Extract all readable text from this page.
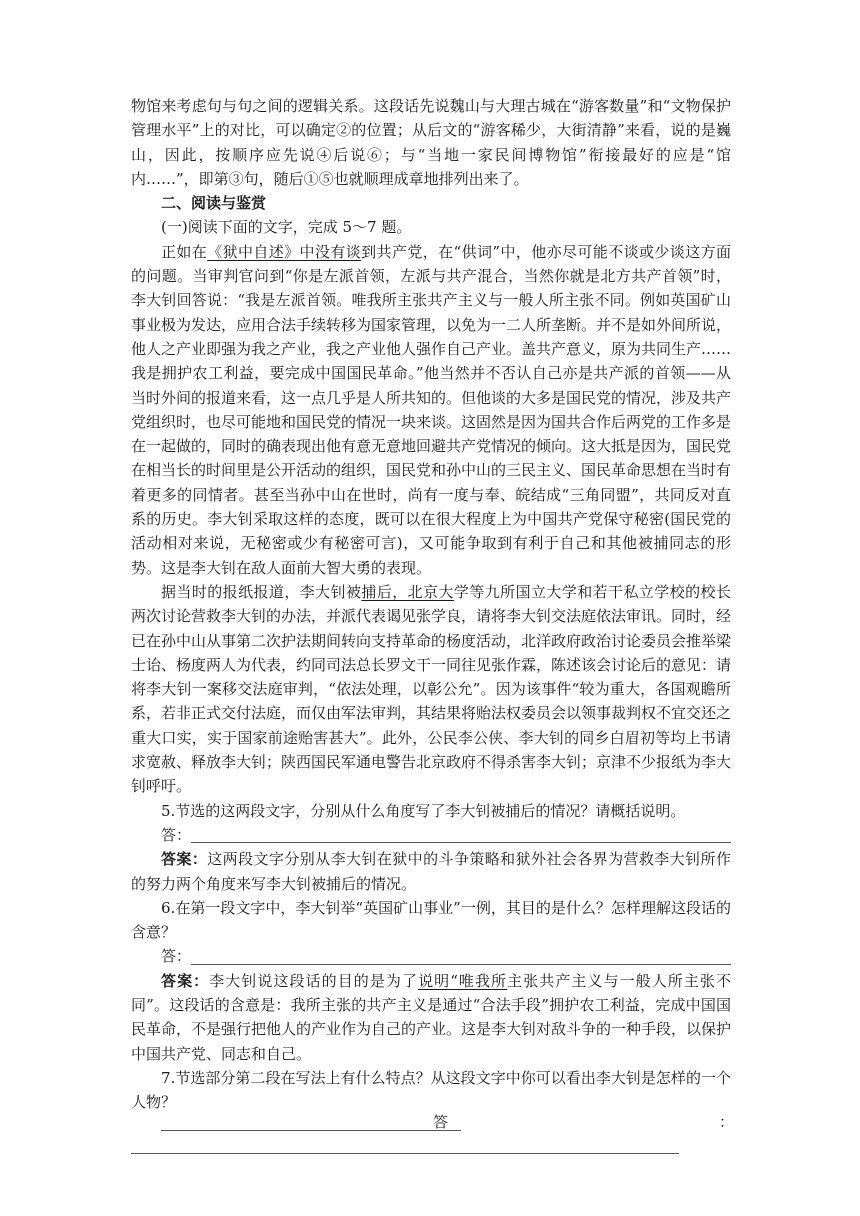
物馆来考虑句与句之间的逻辑关系。这段话先说魏山与大理古城在“游客数量”和“文物保护管理水平”上的对比，可以确定②的位置；从后文的“游客稀少，大街清静”来看，说的是巍山，因此，按顺序应先说④后说⑥；与“当地一家民间博物馆”衔接最好的应是“馆内……”，即第③句，随后①⑤也就顺理成章地排列出来了。

二、阅读与鉴赏

(一)阅读下面的文字，完成 5～7 题。

正如在《狱中自述》中没有谈到共产党，在“供词”中，他亦尽可能不谈或少谈这方面的问题。当审判官问到“你是左派首领，左派与共产混合，当然你就是北方共产首领”时，李大钊回答说：“我是左派首领。唯我所主张共产主义与一般人所主张不同。例如英国矿山事业极为发达，应用合法手续转移为国家管理，以免为一二人所垄断。并不是如外间所说，他人之产业即强为我之产业，我之产业他人强作自己产业。盖共产意义，原为共同生产……我是拥护农工利益，要完成中国国民革命。”他当然并不否认自己亦是共产派的首领——从当时外间的报道来看，这一点几乎是人所共知的。但他谈的大多是国民党的情况，涉及共产党组织时，也尽可能地和国民党的情况一块来谈。这固然是因为国共合作后两党的工作多是在一起做的，同时的确表现出他有意无意地回避共产党情况的倾向。这大抵是因为，国民党在相当长的时间里是公开活动的组织，国民党和孙中山的三民主义、国民革命思想在当时有着更多的同情者。甚至当孙中山在世时，尚有一度与奉、皖结成“三角同盟”，共同反对直系的历史。李大钊采取这样的态度，既可以在很大程度上为中国共产党保守秘密(国民党的活动相对来说，无秘密或少有秘密可言)，又可能争取到有利于自己和其他被捕同志的形势。这是李大钊在敌人面前大智大勇的表现。

据当时的报纸报道，李大钊被捕后，北京大学等九所国立大学和若干私立学校的校长两次讨论营救李大钊的办法，并派代表谒见张学良，请将李大钊交法庭依法审讯。同时，经已在孙中山从事第二次护法期间转向支持革命的杨度活动，北洋政府政治讨论委员会推举梁士诒、杨度两人为代表，约同司法总长罗文干一同往见张作霖，陈述该会讨论后的意见：请将李大钊一案移交法庭审判，“依法处理，以彰公允”。因为该事件“较为重大，各国观瞻所系，若非正式交付法庭，而仅由军法审判，其结果将贻法权委员会以领事裁判权不宜交还之重大口实，实于国家前途贻害甚大”。此外，公民李公侠、李大钊的同乡白眉初等均上书请求宽赦、释放李大钊；陕西国民军通电警告北京政府不得杀害李大钊；京津不少报纸为李大钊呼吁。

5.节选的这两段文字，分别从什么角度写了李大钊被捕后的情况？请概括说明。

答：

答案：这两段文字分别从李大钊在狱中的斗争策略和狱外社会各界为营救李大钊所作的努力两个角度来写李大钊被捕后的情况。

6.在第一段文字中，李大钊举“英国矿山事业”一例，其目的是什么？怎样理解这段话的含意？

答：

答案：李大钊说这段话的目的是为了说明“唯我所主张共产主义与一般人所主张不同”。这段话的含意是：我所主张的共产主义是通过“合法手段”拥护农工利益，完成中国国民革命，不是强行把他人的产业作为自己的产业。这是李大钊对敌斗争的一种手段，以保护中国共产党、同志和自己。

7.节选部分第二段在写法上有什么特点？从这段文字中你可以看出李大钊是怎样的一个人物？

答	：
